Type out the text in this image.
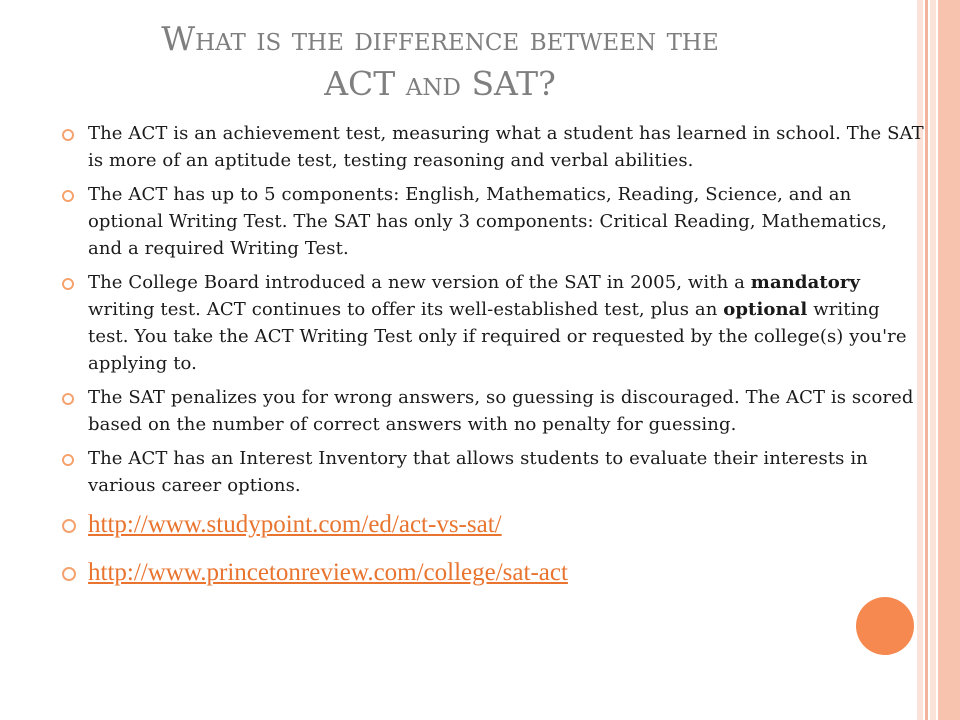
What is the difference between the
ACT and SAT?
The ACT is an achievement test, measuring what a student has learned in school. The SAT is more of an aptitude test, testing reasoning and verbal abilities.
The ACT has up to 5 components: English, Mathematics, Reading, Science, and an optional Writing Test. The SAT has only 3 components: Critical Reading, Mathematics, and a required Writing Test.
The College Board introduced a new version of the SAT in 2005, with a mandatory writing test. ACT continues to offer its well-established test, plus an optional writing test. You take the ACT Writing Test only if required or requested by the college(s) you're applying to.
The SAT penalizes you for wrong answers, so guessing is discouraged. The ACT is scored based on the number of correct answers with no penalty for guessing.
The ACT has an Interest Inventory that allows students to evaluate their interests in various career options.
http://www.studypoint.com/ed/act-vs-sat/
http://www.princetonreview.com/college/sat-act
